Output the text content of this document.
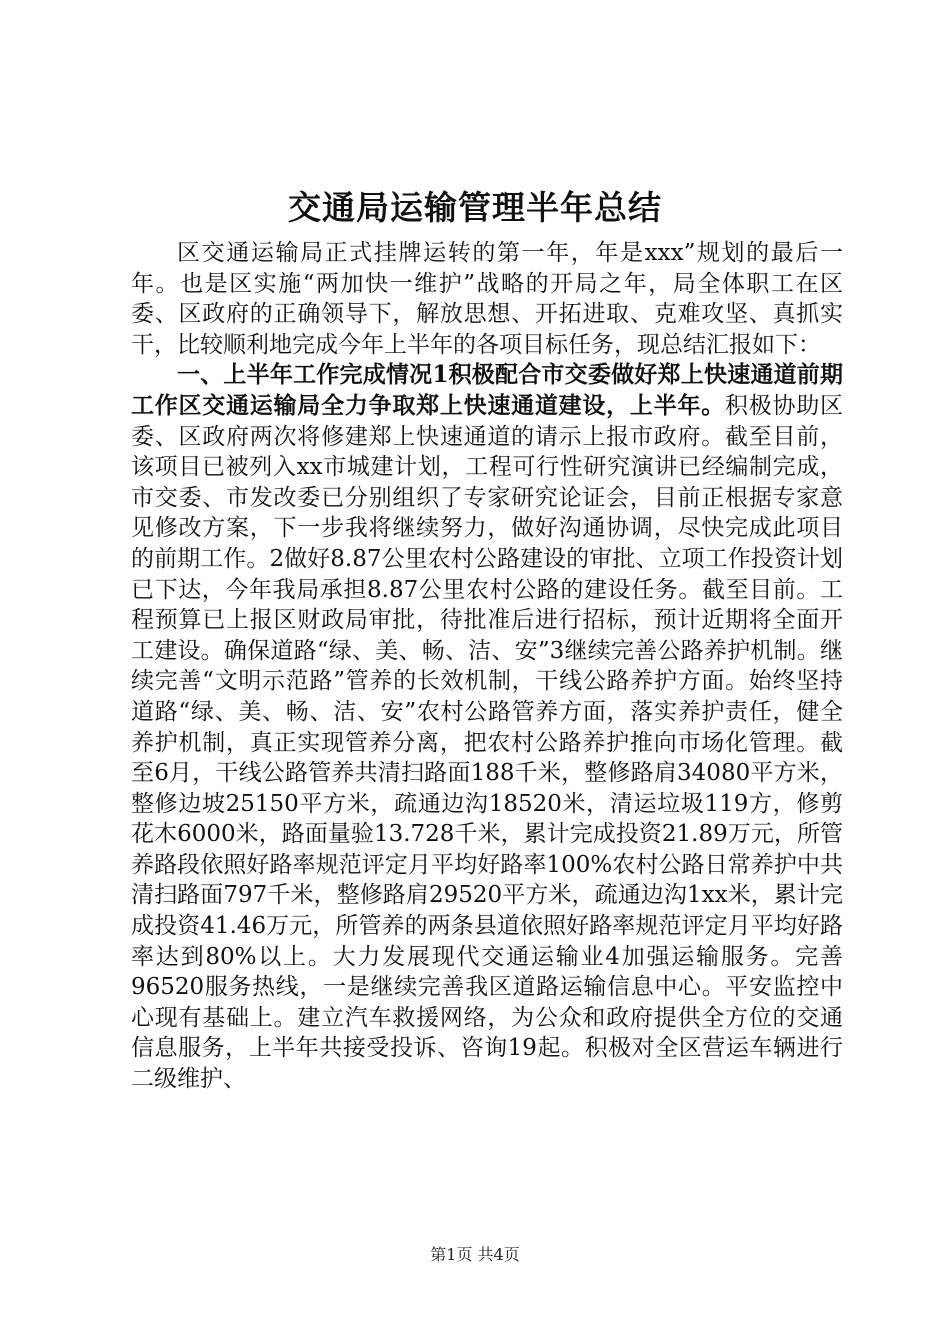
交通局运输管理半年总结

区交通运输局正式挂牌运转的第一年，年是xxx”规划的最后一年。也是区实施“两加快一维护”战略的开局之年，局全体职工在区委、区政府的正确领导下，解放思想、开拓进取、克难攻坚、真抓实干，比较顺利地完成今年上半年的各项目标任务，现总结汇报如下：

一、上半年工作完成情况1积极配合市交委做好郑上快速通道前期工作区交通运输局全力争取郑上快速通道建设，上半年。积极协助区委、区政府两次将修建郑上快速通道的请示上报市政府。截至目前，该项目已被列入xx市城建计划，工程可行性研究演讲已经编制完成，市交委、市发改委已分别组织了专家研究论证会，目前正根据专家意见修改方案，下一步我将继续努力，做好沟通协调，尽快完成此项目的前期工作。2做好8.87公里农村公路建设的审批、立项工作投资计划已下达，今年我局承担8.87公里农村公路的建设任务。截至目前。工程预算已上报区财政局审批，待批准后进行招标，预计近期将全面开工建设。确保道路“绿、美、畅、洁、安”3继续完善公路养护机制。继续完善“文明示范路”管养的长效机制，干线公路养护方面。始终坚持道路“绿、美、畅、洁、安”农村公路管养方面，落实养护责任，健全养护机制，真正实现管养分离，把农村公路养护推向市场化管理。截至6月，干线公路管养共清扫路面188千米，整修路肩34080平方米，整修边坡25150平方米，疏通边沟18520米，清运垃圾119方，修剪花木6000米，路面量验13.728千米，累计完成投资21.89万元，所管养路段依照好路率规范评定月平均好路率100%农村公路日常养护中共清扫路面797千米，整修路肩29520平方米，疏通边沟1xx米，累计完成投资41.46万元，所管养的两条县道依照好路率规范评定月平均好路率达到80%以上。大力发展现代交通运输业4加强运输服务。完善96520服务热线，一是继续完善我区道路运输信息中心。平安监控中心现有基础上。建立汽车救援网络，为公众和政府提供全方位的交通信息服务，上半年共接受投诉、咨询19起。积极对全区营运车辆进行二级维护、

第1页 共4页
